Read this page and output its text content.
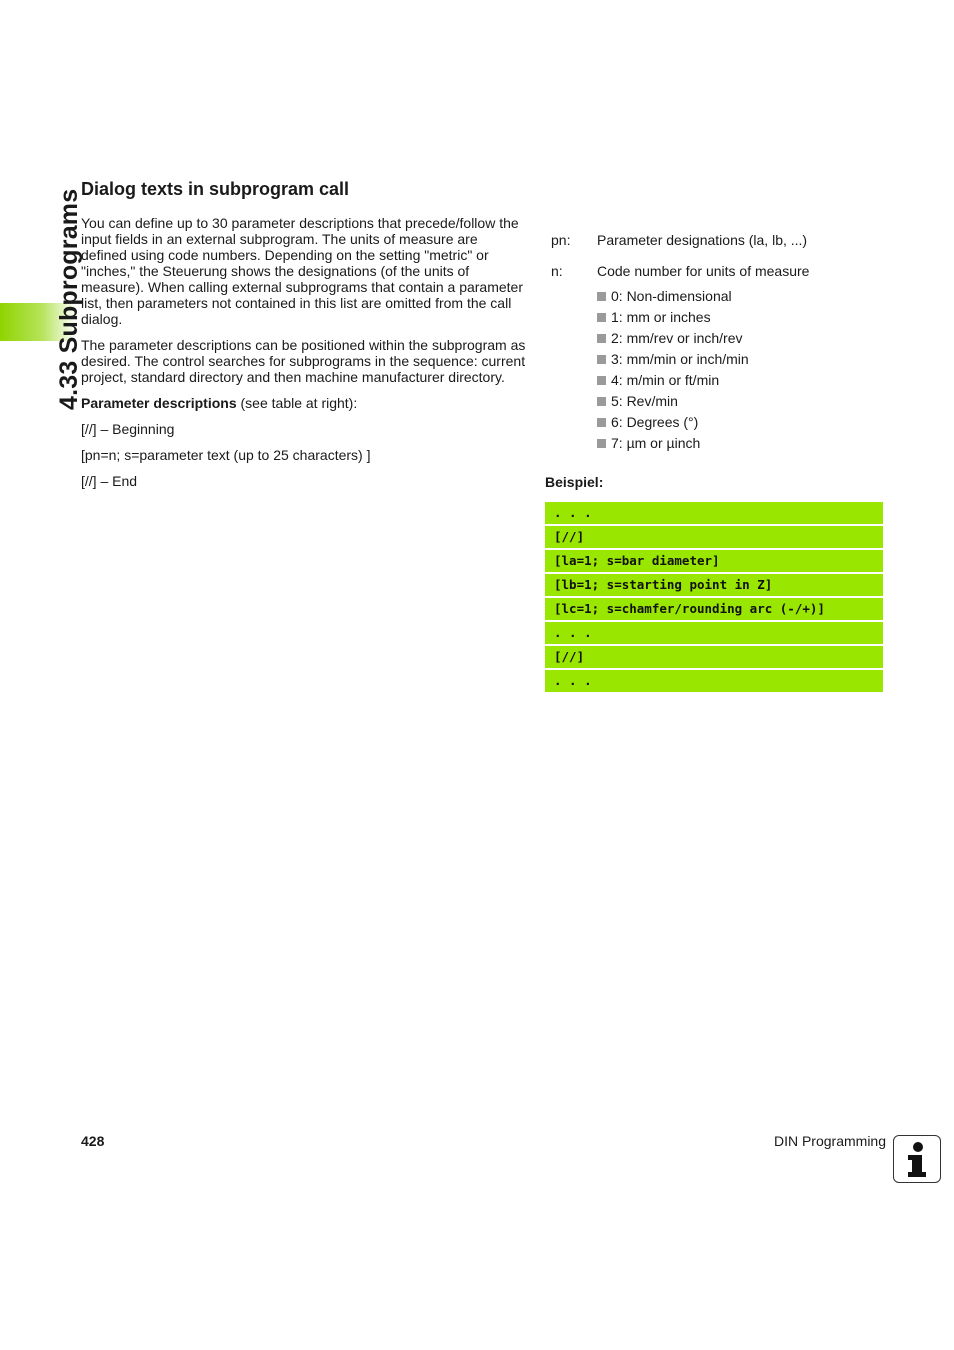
4.33 Subprograms
Dialog texts in subprogram call

You can define up to 30 parameter descriptions that precede/follow the input fields in an external subprogram. The units of measure are defined using code numbers. Depending on the setting "metric" or "inches," the Steuerung shows the designations (of the units of measure). When calling external subprograms that contain a parameter list, then parameters not contained in this list are omitted from the call dialog.

The parameter descriptions can be positioned within the subprogram as desired. The control searches for subprograms in the sequence: current project, standard directory and then machine manufacturer directory.

Parameter descriptions (see table at right):

[//] – Beginning

[pn=n; s=parameter text (up to 25 characters) ]

[//] – End

pn: Parameter designations (la, lb, ...)
n: Code number for units of measure
0: Non-dimensional
1: mm or inches
2: mm/rev or inch/rev
3: mm/min or inch/min
4: m/min or ft/min
5: Rev/min
6: Degrees (°)
7: µm or µinch
Beispiel:
. . .
[//]
[la=1; s=bar diameter]
[lb=1; s=starting point in Z]
[lc=1; s=chamfer/rounding arc (-/+)]
. . .
[//]
. . .
428	DIN Programming
